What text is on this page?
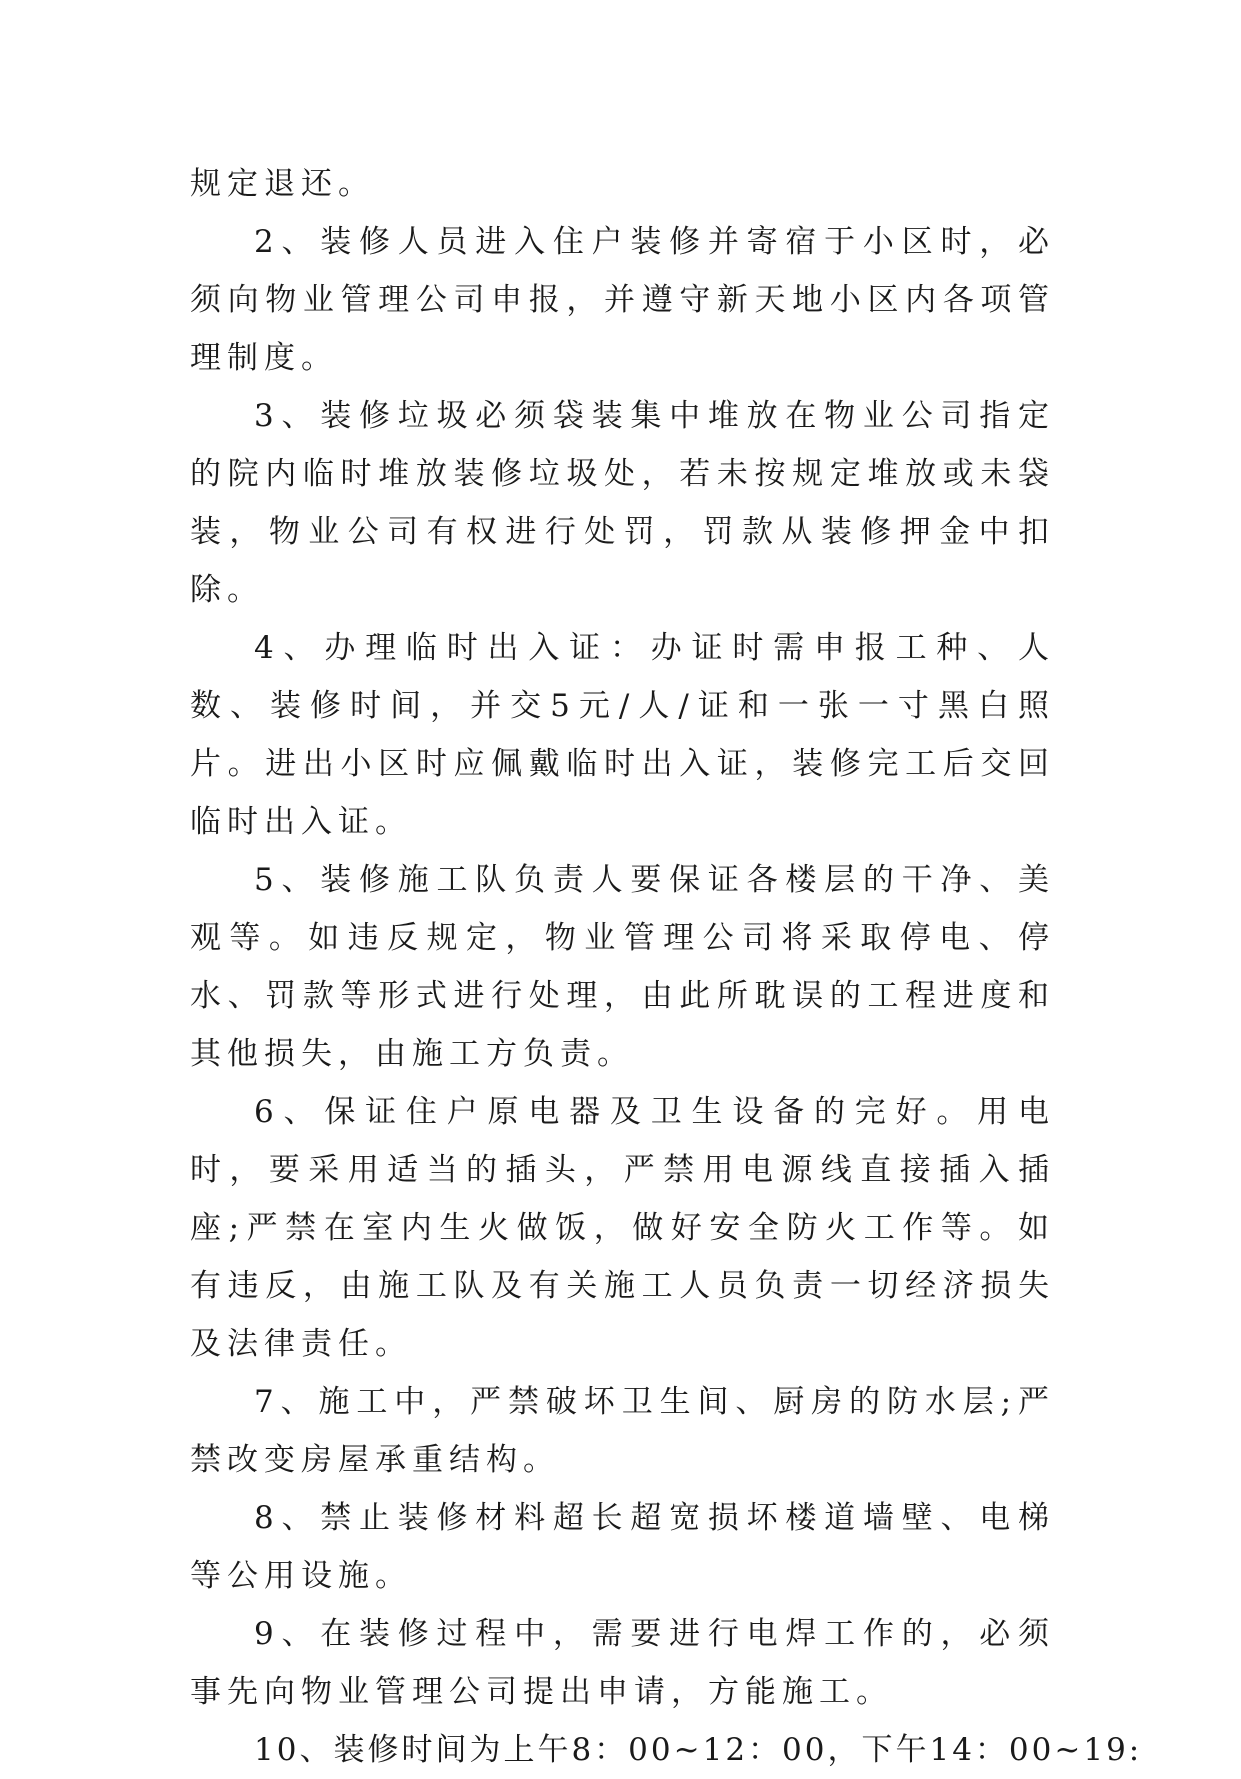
规定退还。

2、装修人员进入住户装修并寄宿于小区时，必须向物业管理公司申报，并遵守新天地小区内各项管理制度。

3、装修垃圾必须袋装集中堆放在物业公司指定的院内临时堆放装修垃圾处，若未按规定堆放或未袋装，物业公司有权进行处罚，罚款从装修押金中扣除。

4、办理临时出入证：办证时需申报工种、人数、装修时间，并交5元/人/证和一张一寸黑白照片。进出小区时应佩戴临时出入证，装修完工后交回临时出入证。

5、装修施工队负责人要保证各楼层的干净、美观等。如违反规定，物业管理公司将采取停电、停水、罚款等形式进行处理，由此所耽误的工程进度和其他损失，由施工方负责。

6、保证住户原电器及卫生设备的完好。用电时，要采用适当的插头，严禁用电源线直接插入插座;严禁在室内生火做饭，做好安全防火工作等。如有违反，由施工队及有关施工人员负责一切经济损失及法律责任。

7、施工中，严禁破坏卫生间、厨房的防水层;严禁改变房屋承重结构。

8、禁止装修材料超长超宽损坏楼道墙壁、电梯等公用设施。

9、在装修过程中，需要进行电焊工作的，必须事先向物业管理公司提出申请，方能施工。

10、装修时间为上午8：00~12：00，下午14：00~19:
